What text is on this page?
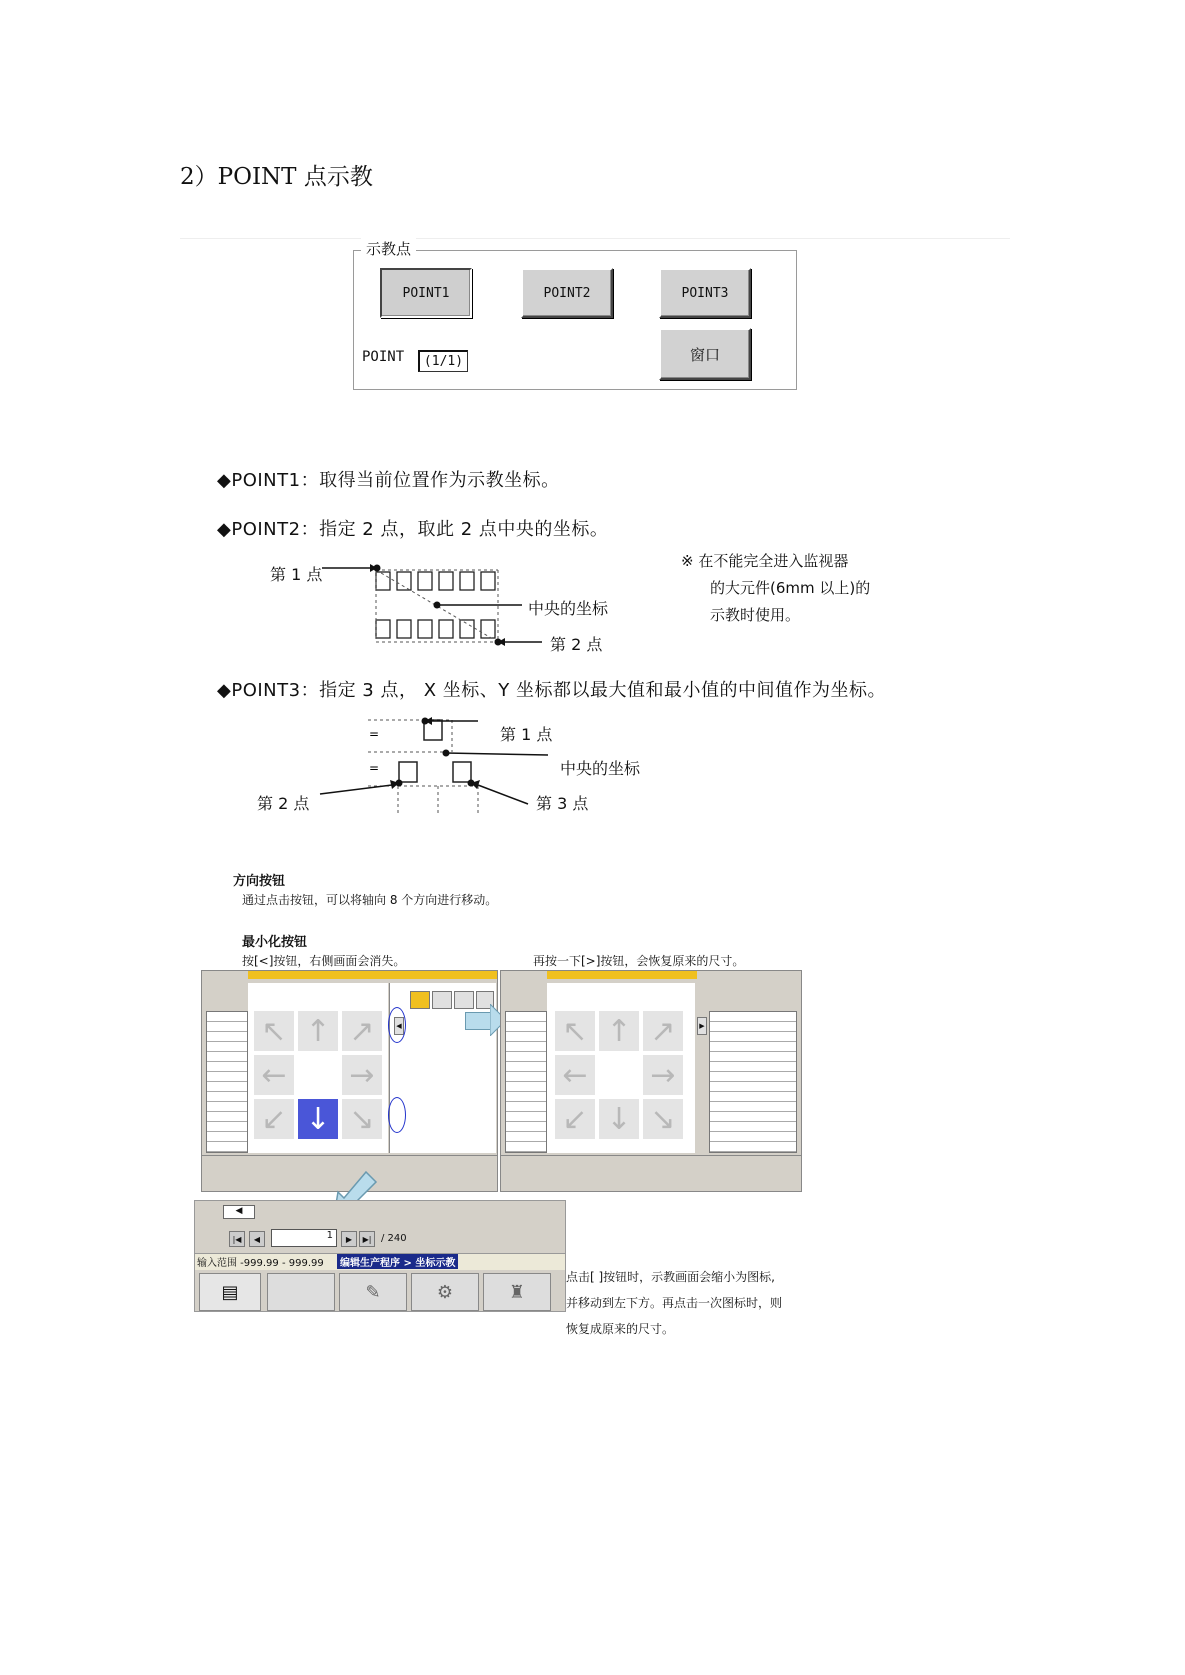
2）POINT 点示教
示教点
POINT1	POINT2	POINT3
窗口
POINT	(1/1)
◆POINT1：取得当前位置作为示教坐标。
◆POINT2：指定 2 点，取此 2 点中央的坐标。
第 1 点
中央的坐标
第 2 点
※ 在不能完全进入监视器
的大元件(6mm 以上)的
示教时使用。
◆POINT3：指定 3 点， X 坐标、Y 坐标都以最大值和最小值的中间值作为坐标。
=
=
第 1 点
中央的坐标
第 2 点	第 3 点
方向按钮
通过点击按钮，可以将轴向 8 个方向进行移动。
最小化按钮
按[<]按钮，右侧画面会消失。	再按一下[>]按钮，会恢复原来的尺寸。
↖ ↑ ↗
← →
↙ ↓ ↘
◀	↖ ↑ ↗
← →
↙ ↓ ↘
▶
◀
|◀	◀	1	▶	▶| / 240
输入范围 -999.99 - 999.99	编辑生产程序 > 坐标示教
▤	✎	⚙	♜
点击[ ]按钮时，示教画面会缩小为图标,
并移动到左下方。再点击一次图标时，则
恢复成原来的尺寸。
